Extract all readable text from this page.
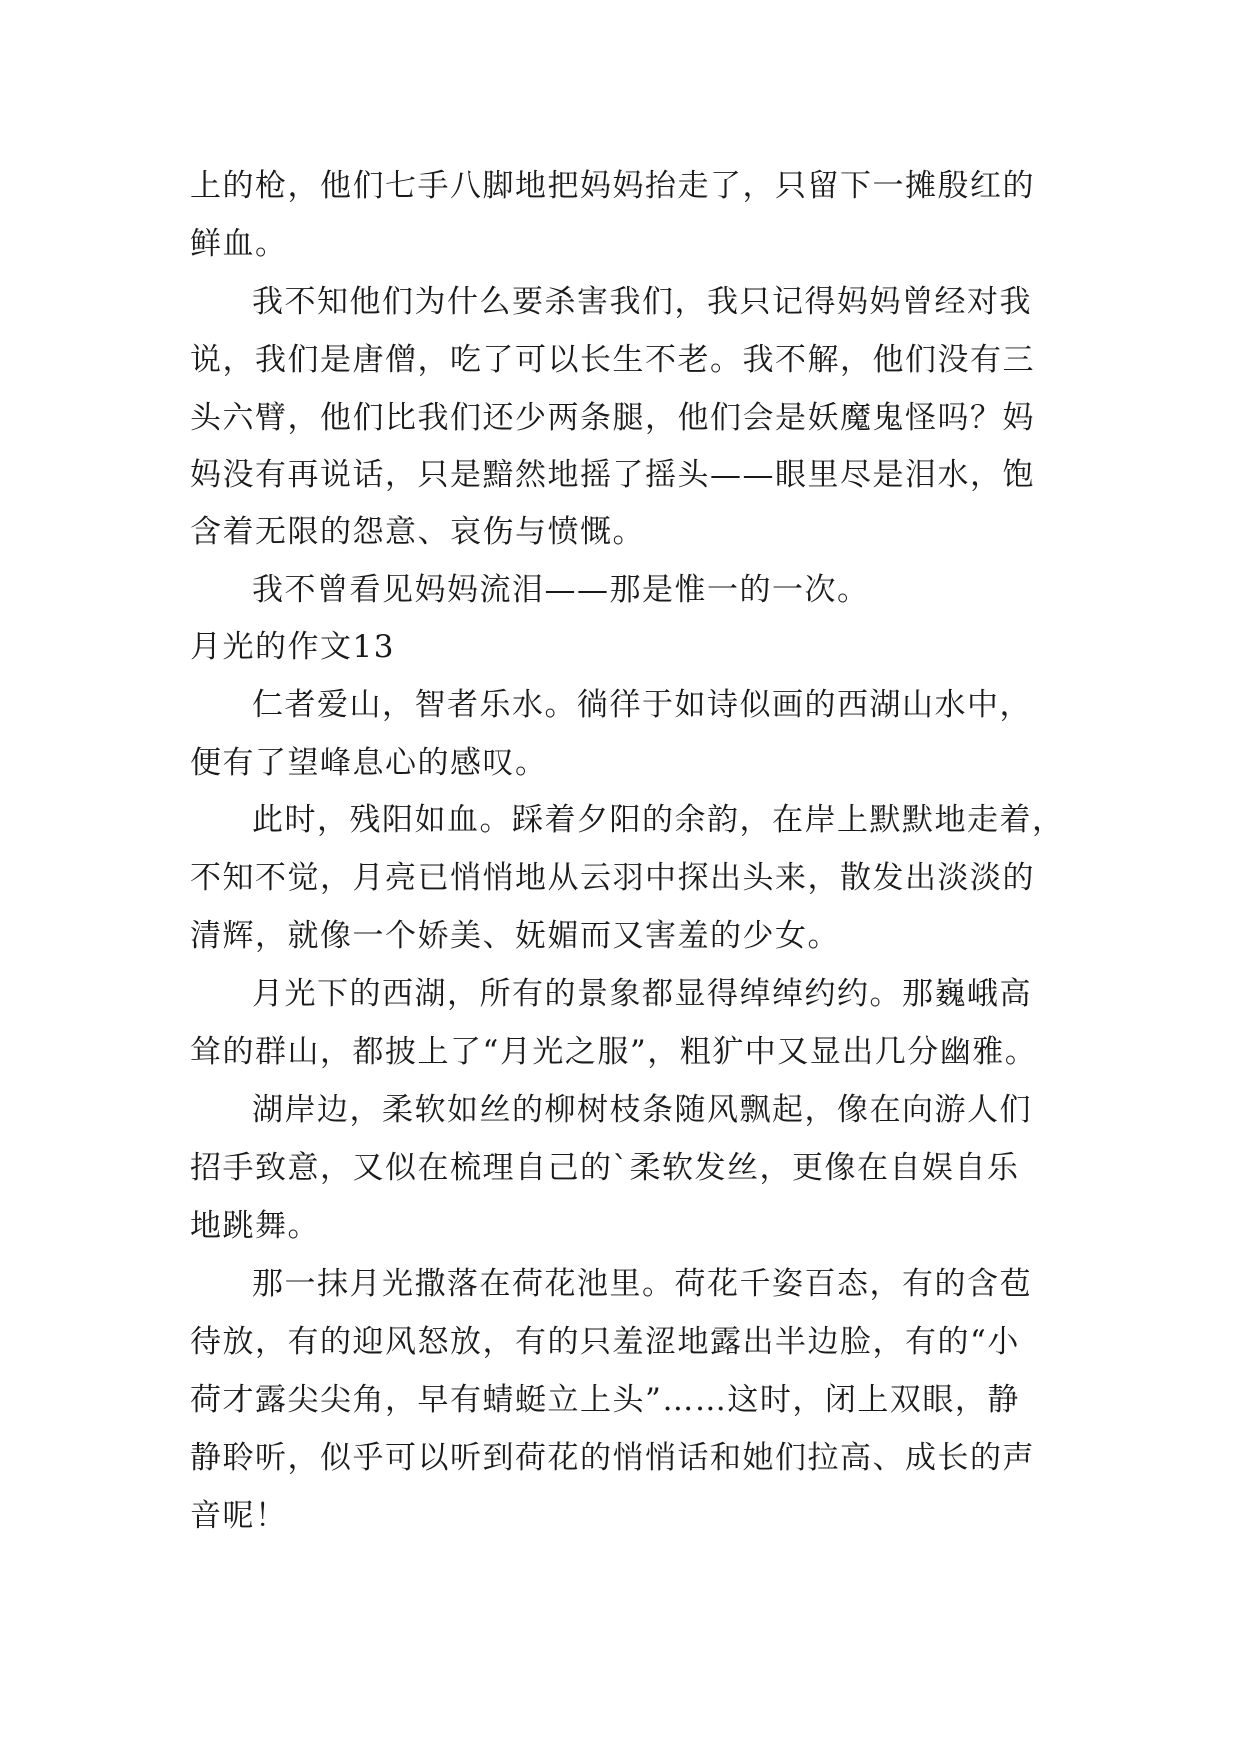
上的枪，他们七手八脚地把妈妈抬走了，只留下一摊殷红的
鲜血。
我不知他们为什么要杀害我们，我只记得妈妈曾经对我
说，我们是唐僧，吃了可以长生不老。我不解，他们没有三
头六臂，他们比我们还少两条腿，他们会是妖魔鬼怪吗？妈
妈没有再说话，只是黯然地摇了摇头——眼里尽是泪水，饱
含着无限的怨意、哀伤与愤慨。
我不曾看见妈妈流泪——那是惟一的一次。
月光的作文13
仁者爱山，智者乐水。徜徉于如诗似画的西湖山水中，
便有了望峰息心的感叹。
此时，残阳如血。踩着夕阳的余韵，在岸上默默地走着，
不知不觉，月亮已悄悄地从云羽中探出头来，散发出淡淡的
清辉，就像一个娇美、妩媚而又害羞的少女。
月光下的西湖，所有的景象都显得绰绰约约。那巍峨高
耸的群山，都披上了“月光之服”，粗犷中又显出几分幽雅。
湖岸边，柔软如丝的柳树枝条随风飘起，像在向游人们
招手致意，又似在梳理自己的`柔软发丝，更像在自娱自乐
地跳舞。
那一抹月光撒落在荷花池里。荷花千姿百态，有的含苞
待放，有的迎风怒放，有的只羞涩地露出半边脸，有的“小
荷才露尖尖角，早有蜻蜓立上头”……这时，闭上双眼，静
静聆听，似乎可以听到荷花的悄悄话和她们拉高、成长的声
音呢！
